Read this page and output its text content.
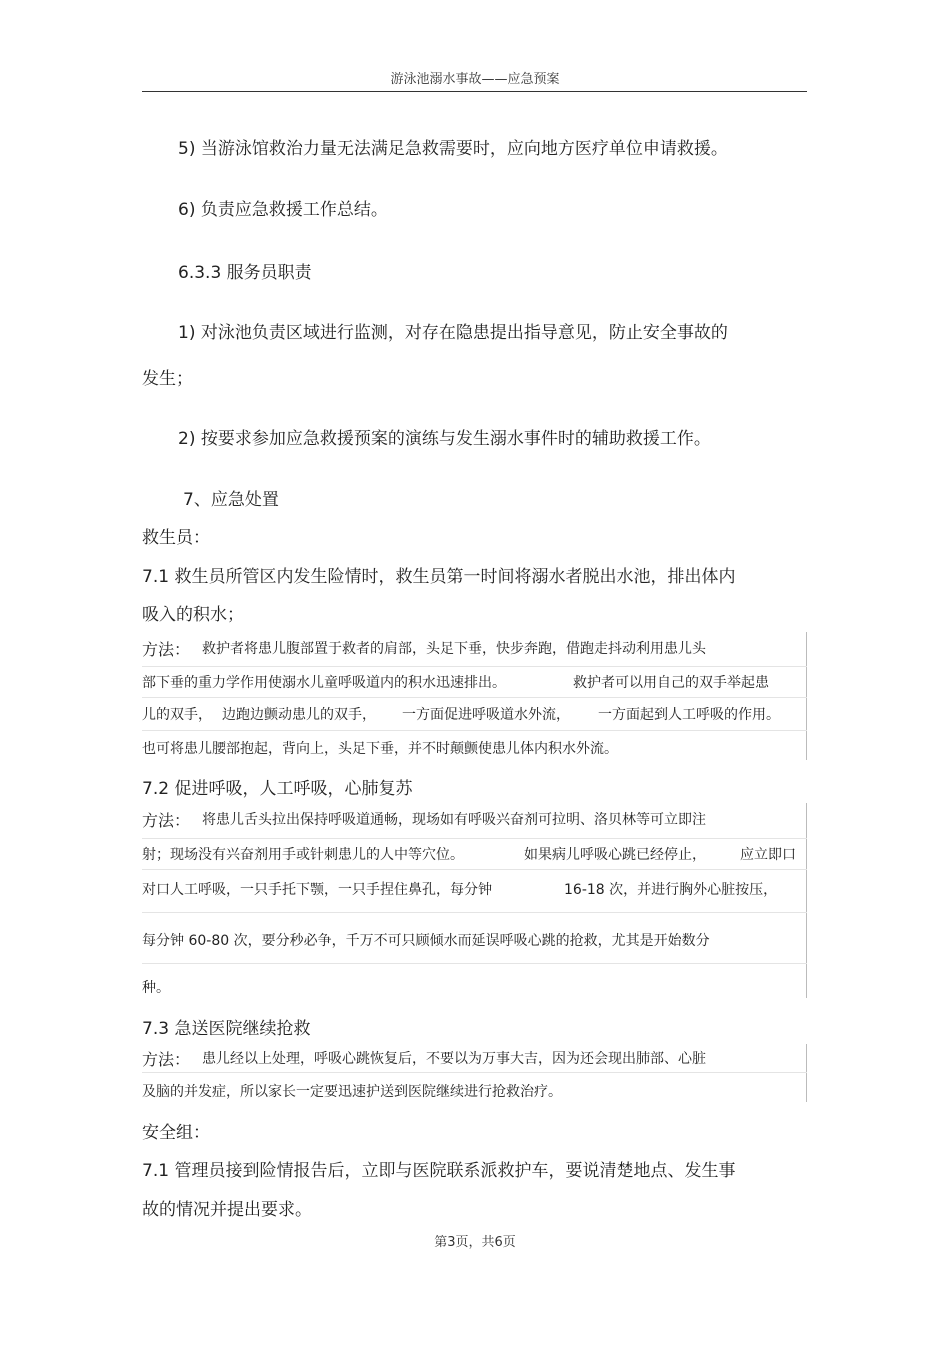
游泳池溺水事故——应急预案
5) 当游泳馆救治力量无法满足急救需要时，应向地方医疗单位申请救援。
6) 负责应急救援工作总结。
6.3.3 服务员职责
1) 对泳池负责区域进行监测，对存在隐患提出指导意见，防止安全事故的
发生；
2) 按要求参加应急救援预案的演练与发生溺水事件时的辅助救援工作。
7、应急处置
救生员：
7.1 救生员所管区内发生险情时，救生员第一时间将溺水者脱出水池，排出体内
吸入的积水；
方法： 救护者将患儿腹部置于救者的肩部，头足下垂，快步奔跑，借跑走抖动利用患儿头
部下垂的重力学作用使溺水儿童呼吸道内的积水迅速排出。	救护者可以用自己的双手举起患
儿的双手， 边跑边颤动患儿的双手， 一方面促进呼吸道水外流， 一方面起到人工呼吸的作用。
也可将患儿腰部抱起，背向上，头足下垂，并不时颠颤使患儿体内积水外流。
7.2 促进呼吸，人工呼吸，心肺复苏
方法： 将患儿舌头拉出保持呼吸道通畅，现场如有呼吸兴奋剂可拉明、洛贝林等可立即注
射；现场没有兴奋剂用手或针刺患儿的人中等穴位。	如果病儿呼吸心跳已经停止， 应立即口
对口人工呼吸，一只手托下颚，一只手捏住鼻孔，每分钟	16-18 次，并进行胸外心脏按压，
每分钟 60-80 次，要分秒必争，千万不可只顾倾水而延误呼吸心跳的抢救，尤其是开始数分
种。
7.3 急送医院继续抢救
方法： 患儿经以上处理，呼吸心跳恢复后，不要以为万事大吉，因为还会现出肺部、心脏
及脑的并发症，所以家长一定要迅速护送到医院继续进行抢救治疗。
安全组：
7.1 管理员接到险情报告后，立即与医院联系派救护车，要说清楚地点、发生事
故的情况并提出要求。
第3页，共6页
